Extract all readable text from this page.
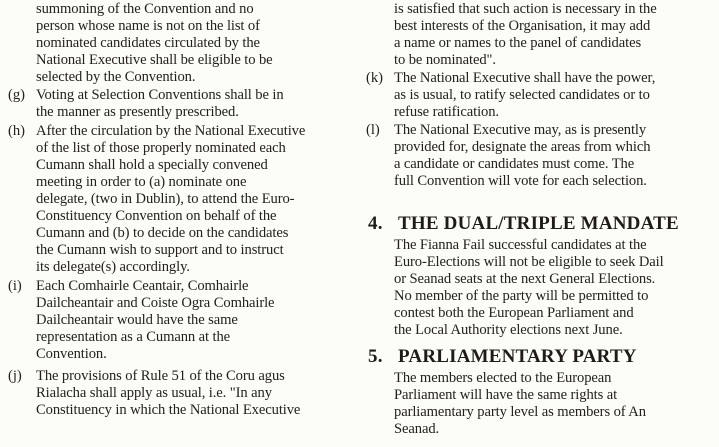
summoning of the Convention and no
person whose name is not on the list of
nominated candidates circulated by the
National Executive shall be eligible to be
selected by the Convention.
(g) Voting at Selection Conventions shall be in
the manner as presently prescribed.
(h) After the circulation by the National Executive
of the list of those properly nominated each
Cumann shall hold a specially convened
meeting in order to (a) nominate one
delegate, (two in Dublin), to attend the Euro-
Constituency Convention on behalf of the
Cumann and (b) to decide on the candidates
the Cumann wish to support and to instruct
its delegate(s) accordingly.
(i) Each Comhairle Ceantair, Comhairle
Dailcheantair and Coiste Ogra Comhairle
Dailcheantair would have the same
representation as a Cumann at the
Convention.
(j) The provisions of Rule 51 of the Coru agus
Rialacha shall apply as usual, i.e. "In any
Constituency in which the National Executive
is satisfied that such action is necessary in the
best interests of the Organisation, it may add
a name or names to the panel of candidates
to be nominated".
(k) The National Executive shall have the power,
as is usual, to ratify selected candidates or to
refuse ratification.
(l) The National Executive may, as is presently
provided for, designate the areas from which
a candidate or candidates must come. The
full Convention will vote for each selection.
4. THE DUAL/TRIPLE MANDATE
The Fianna Fail successful candidates at the
Euro-Elections will not be eligible to seek Dail
or Seanad seats at the next General Elections.
No member of the party will be permitted to
contest both the European Parliament and
the Local Authority elections next June.
5. PARLIAMENTARY PARTY
The members elected to the European
Parliament will have the same rights at
parliamentary party level as members of An
Seanad.
